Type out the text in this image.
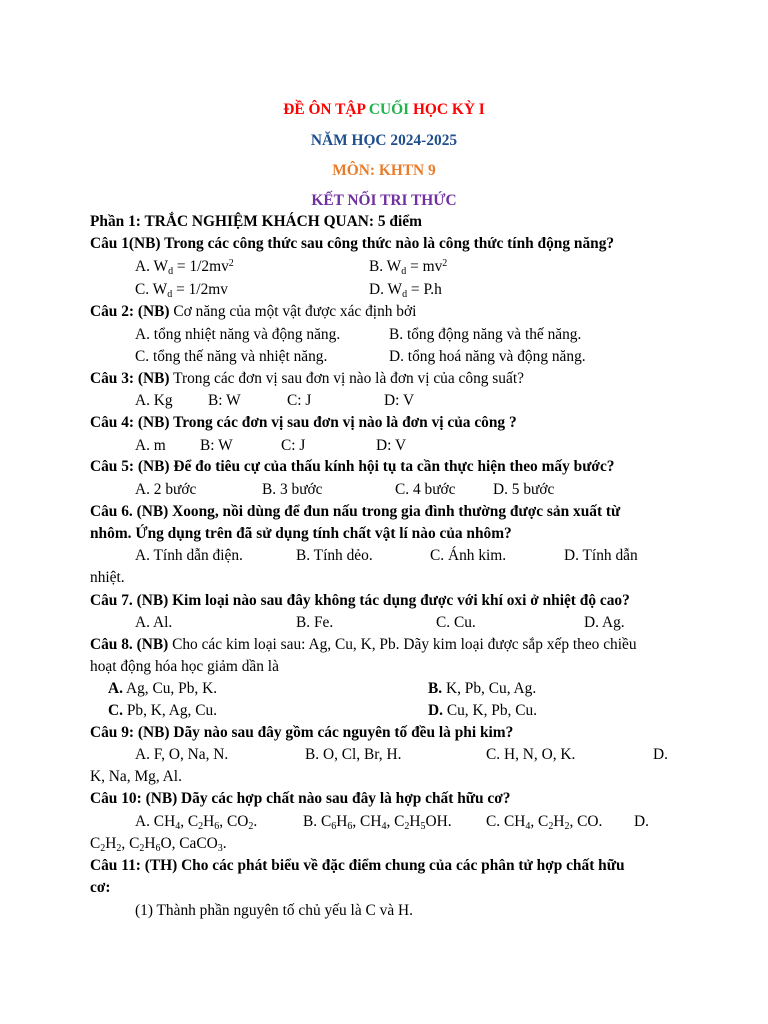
ĐỀ ÔN TẬP CUỐI HỌC KỲ I
NĂM HỌC 2024-2025
MÔN: KHTN 9
KẾT NỐI TRI THỨC
Phần 1: TRẮC NGHIỆM KHÁCH QUAN: 5 điểm
Câu 1(NB) Trong các công thức sau công thức nào là công thức tính động năng?
A. $W_d = 1/2mv^2$	B. $W_d = mv^2$
C. $W_d = 1/2mv$	D. $W_d = P.h$
Câu 2: (NB) Cơ năng của một vật được xác định bởi
A. tổng nhiệt năng và động năng.	B. tổng động năng và thế năng.
C. tổng thế năng và nhiệt năng.	D. tổng hoá năng và động năng.
Câu 3: (NB) Trong các đơn vị sau đơn vị nào là đơn vị của công suất?
A. Kg B: W	C: J	D: V
Câu 4: (NB) Trong các đơn vị sau đơn vị nào là đơn vị của công ?
A. m B: W	C: J	D: V
Câu 5: (NB) Để đo tiêu cự của thấu kính hội tụ ta cần thực hiện theo mấy bước?
A. 2 bước	B. 3 bước	C. 4 bước D. 5 bước
Câu 6. (NB) Xoong, nồi dùng để đun nấu trong gia đình thường được sản xuất từ
nhôm. Ứng dụng trên đã sử dụng tính chất vật lí nào của nhôm?
A. Tính dẫn điện.	B. Tính dẻo.	C. Ánh kim.	D. Tính dẫn
nhiệt.
Câu 7. (NB) Kim loại nào sau đây không tác dụng được với khí oxi ở nhiệt độ cao?
A. Al.	B. Fe.	C. Cu.	D. Ag.
Câu 8. (NB) Cho các kim loại sau: Ag, Cu, K, Pb. Dãy kim loại được sắp xếp theo chiều
hoạt động hóa học giảm dần là
A. Ag, Cu, Pb, K.	B. K, Pb, Cu, Ag.
C. Pb, K, Ag, Cu.	D. Cu, K, Pb, Cu.
Câu 9: (NB) Dãy nào sau đây gồm các nguyên tố đều là phi kim?
A. F, O, Na, N.	B. O, Cl, Br, H.	C. H, N, O, K.	D.
K, Na, Mg, Al.
Câu 10: (NB) Dãy các hợp chất nào sau đây là hợp chất hữu cơ?
A. $CH_4$, $C_2H_6$, $CO_2$.	B. $C_6H_6$, $CH_4$, $C_2H_5OH$. C. $CH_4$, $C_2H_2$, CO. D.
$C_2H_2$, $C_2H_6O$, CaCO$_3$.
Câu 11: (TH) Cho các phát biểu về đặc điểm chung của các phân tử hợp chất hữu
cơ:
(1) Thành phần nguyên tố chủ yếu là C và H.
